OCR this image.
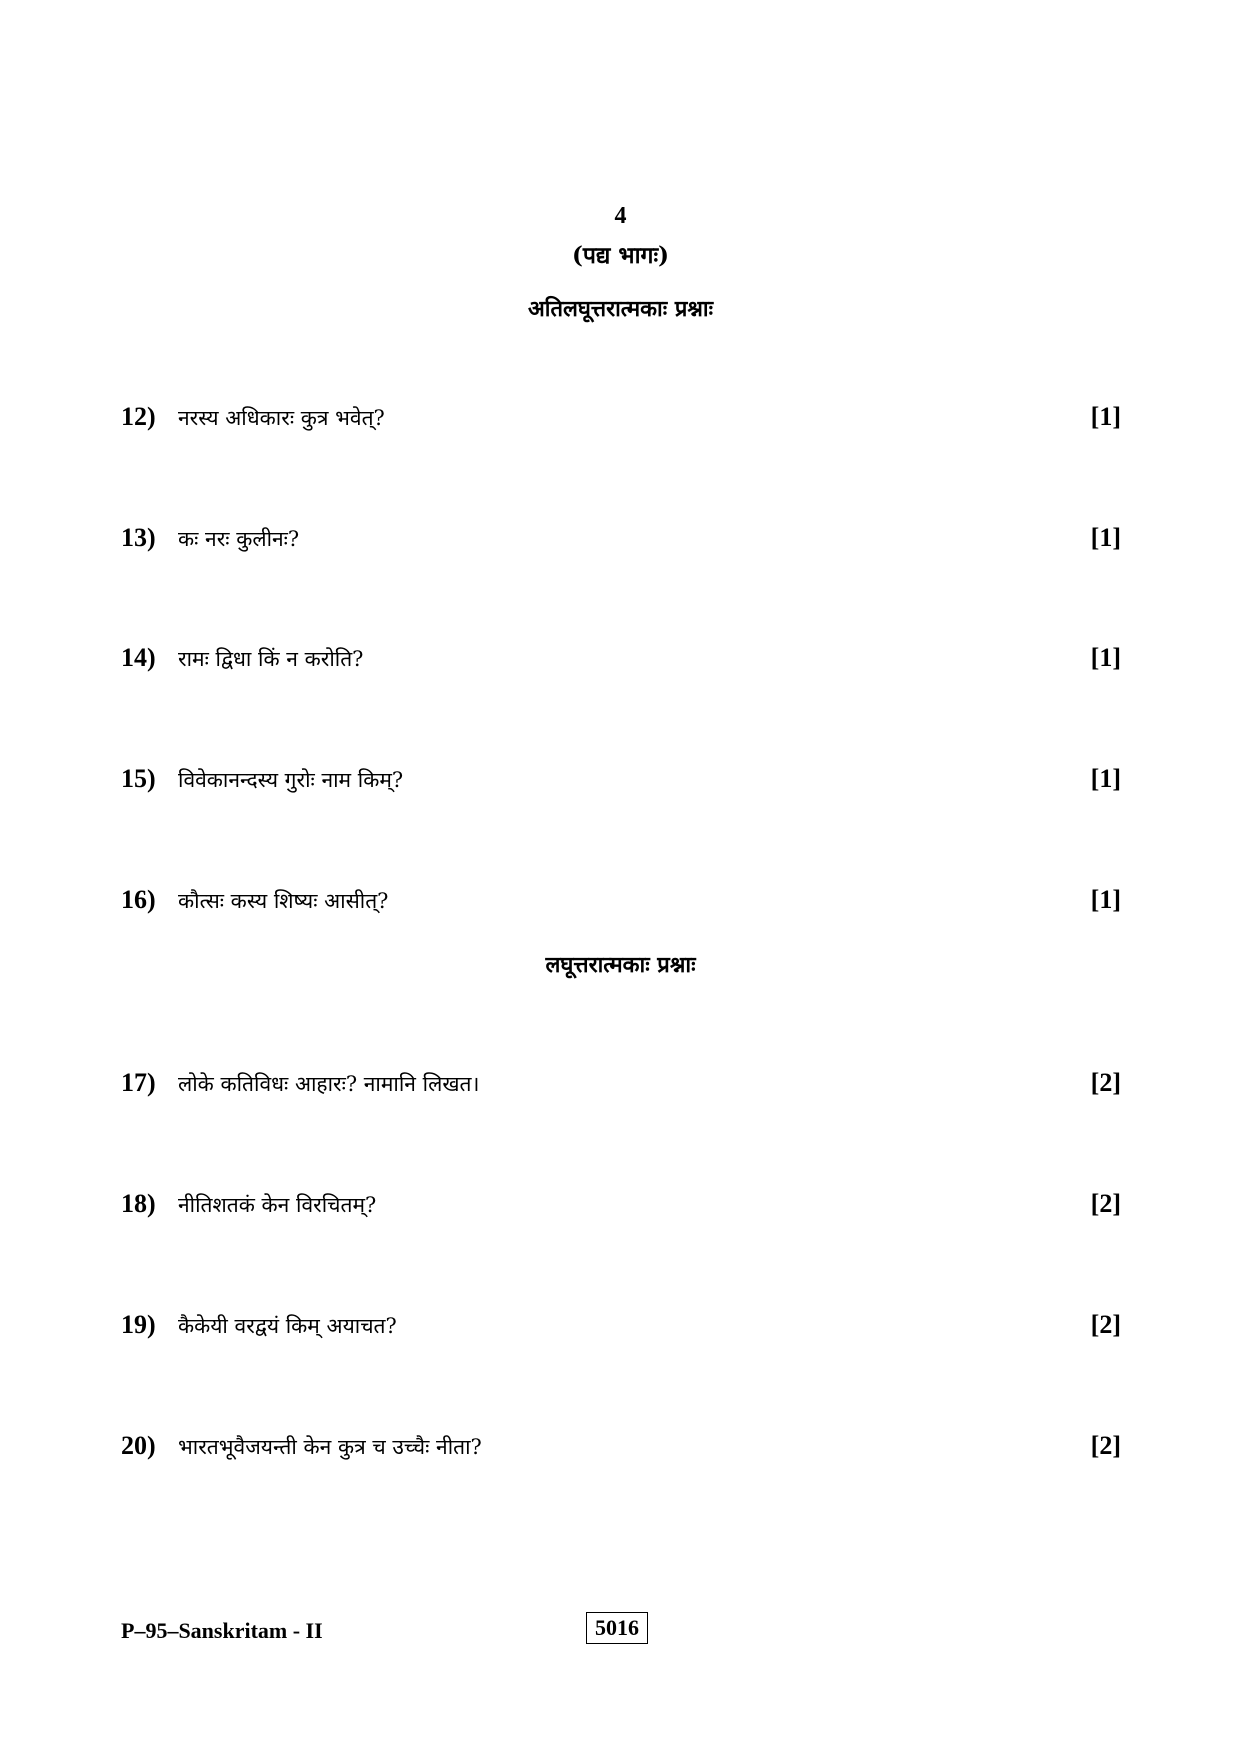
4
(पद्य भागः)
अतिलघूत्तरात्मकाः प्रश्नाः
12) नरस्य अधिकारः कुत्र भवेत्?	[1]
13) कः नरः कुलीनः?	[1]
14) रामः द्विधा किं न करोति?	[1]
15) विवेकानन्दस्य गुरोः नाम किम्?	[1]
16) कौत्सः कस्य शिष्यः आसीत्?	[1]
लघूत्तरात्मकाः प्रश्नाः
17) लोके कतिविधः आहारः? नामानि लिखत।	[2]
18) नीतिशतकं केन विरचितम्?	[2]
19) कैकेयी वरद्वयं किम् अयाचत?	[2]
20) भारतभूवैजयन्ती केन कुत्र च उच्चैः नीता?	[2]
P–95–Sanskritam - II	5016
